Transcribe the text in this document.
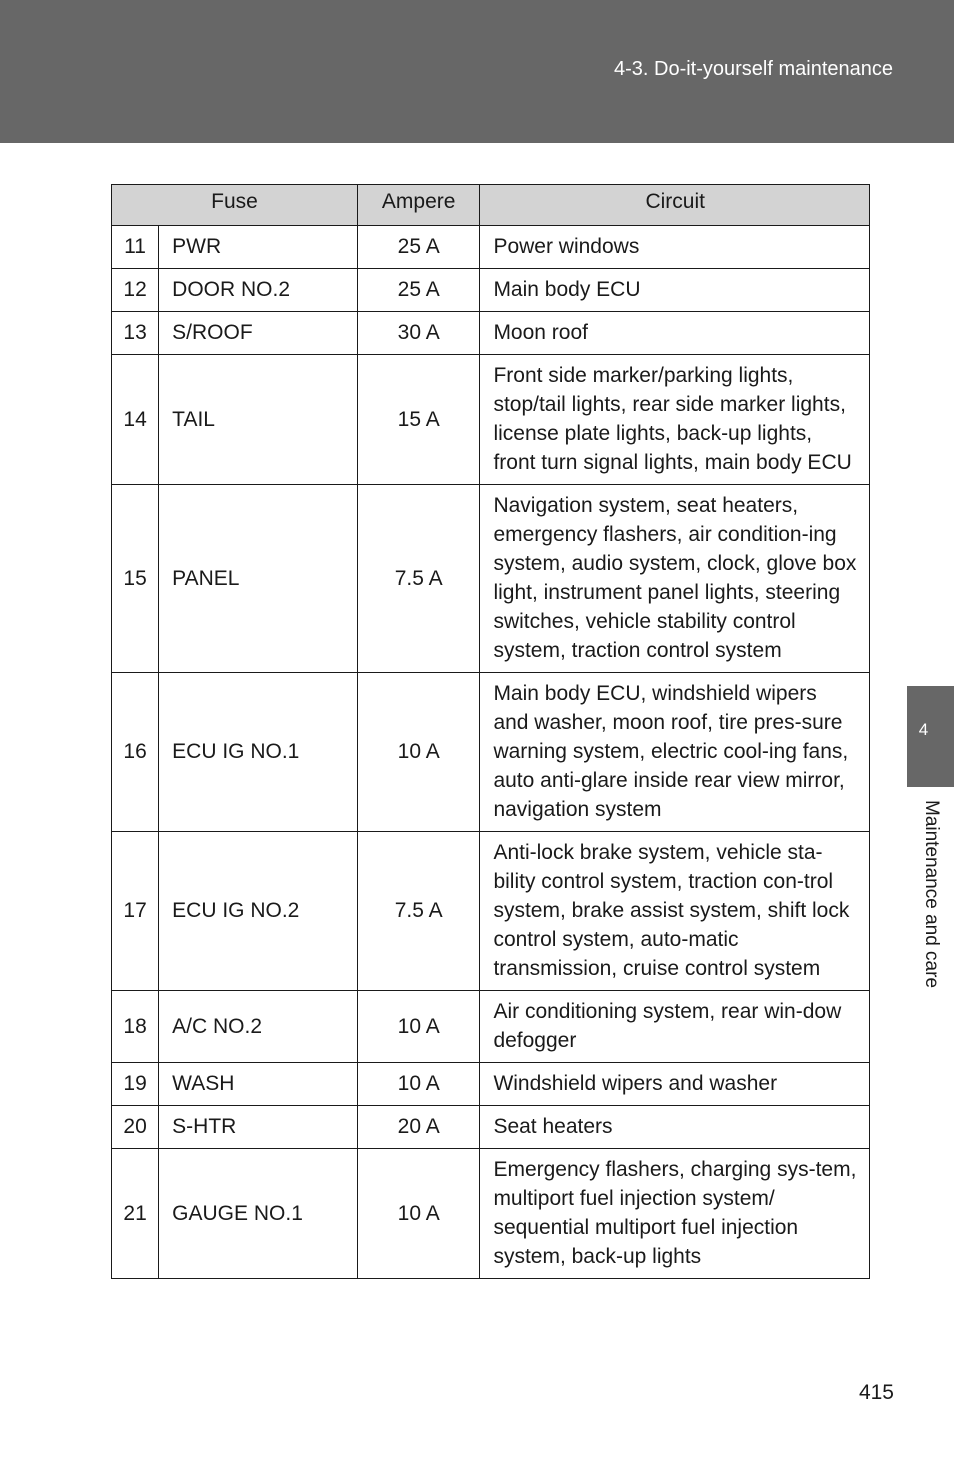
4-3. Do-it-yourself maintenance
4
Maintenance and care
Fuse		Ampere	Circuit
11	PWR	25 A	Power windows
12	DOOR NO.2	25 A	Main body ECU
13	S/ROOF	30 A	Moon roof
14	TAIL	15 A	Front side marker/parking lights, stop/tail lights, rear side marker lights, license plate lights, back-up lights, front turn signal lights, main body ECU
15	PANEL	7.5 A	Navigation system, seat heaters, emergency flashers, air condition-ing system, audio system, clock, glove box light, instrument panel lights, steering switches, vehicle stability control system, traction control system
16	ECU IG NO.1	10 A	Main body ECU, windshield wipers and washer, moon roof, tire pres-sure warning system, electric cool-ing fans, auto anti-glare inside rear view mirror, navigation system
17	ECU IG NO.2	7.5 A	Anti-lock brake system, vehicle sta-bility control system, traction con-trol system, brake assist system, shift lock control system, auto-matic transmission, cruise control system
18	A/C NO.2	10 A	Air conditioning system, rear win-dow defogger
19	WASH	10 A	Windshield wipers and washer
20	S-HTR	20 A	Seat heaters
21	GAUGE NO.1	10 A	Emergency flashers, charging sys-tem, multiport fuel injection system/ sequential multiport fuel injection system, back-up lights
415
